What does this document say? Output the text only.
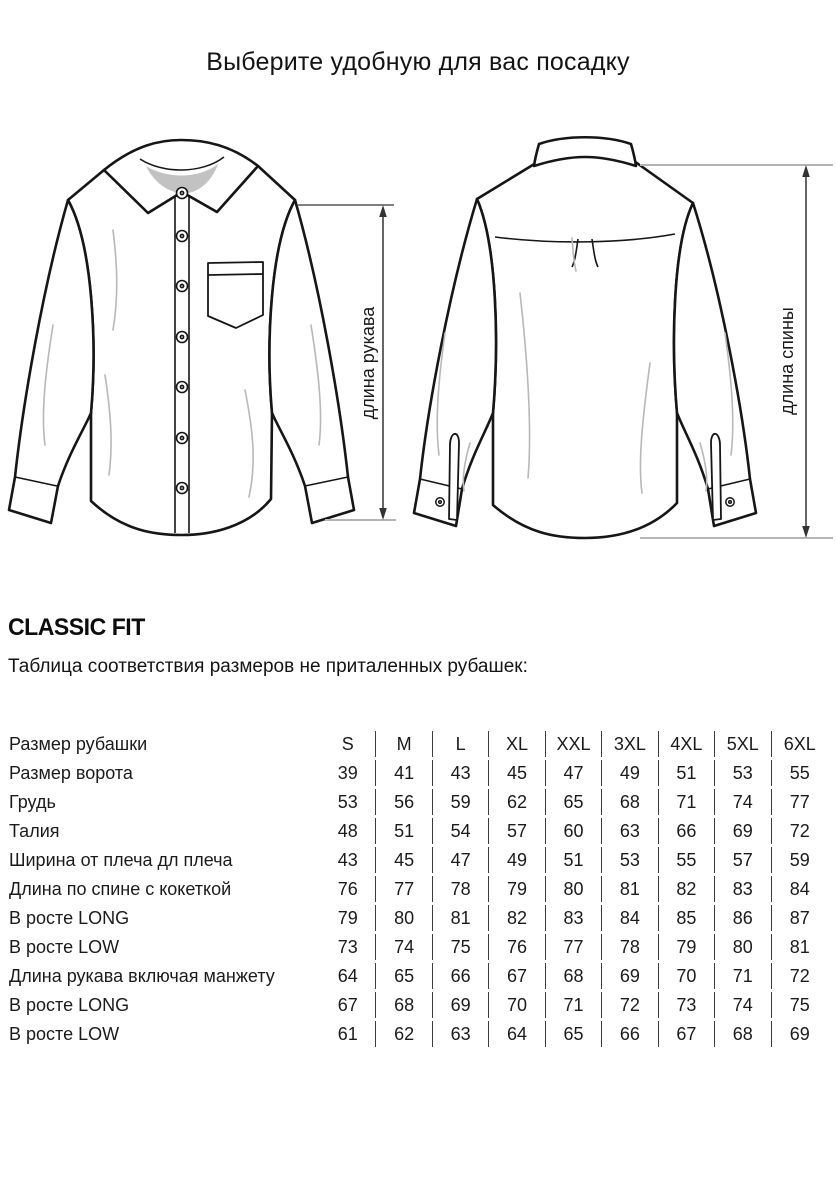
Выберите удобную для вас посадку
длина рукава	длина спины
CLASSIC FIT
Таблица соответствия размеров не приталенных рубашек:
Размер рубашки	S	M	L	XL	XXL	3XL	4XL	5XL	6XL
Размер ворота	39	41	43	45	47	49	51	53	55
Грудь	53	56	59	62	65	68	71	74	77
Талия	48	51	54	57	60	63	66	69	72
Ширина от плеча дл плеча	43	45	47	49	51	53	55	57	59
Длина по спине с кокеткой	76	77	78	79	80	81	82	83	84
В росте LONG	79	80	81	82	83	84	85	86	87
В росте LOW	73	74	75	76	77	78	79	80	81
Длина рукава включая манжету	64	65	66	67	68	69	70	71	72
В росте LONG	67	68	69	70	71	72	73	74	75
В росте LOW	61	62	63	64	65	66	67	68	69
